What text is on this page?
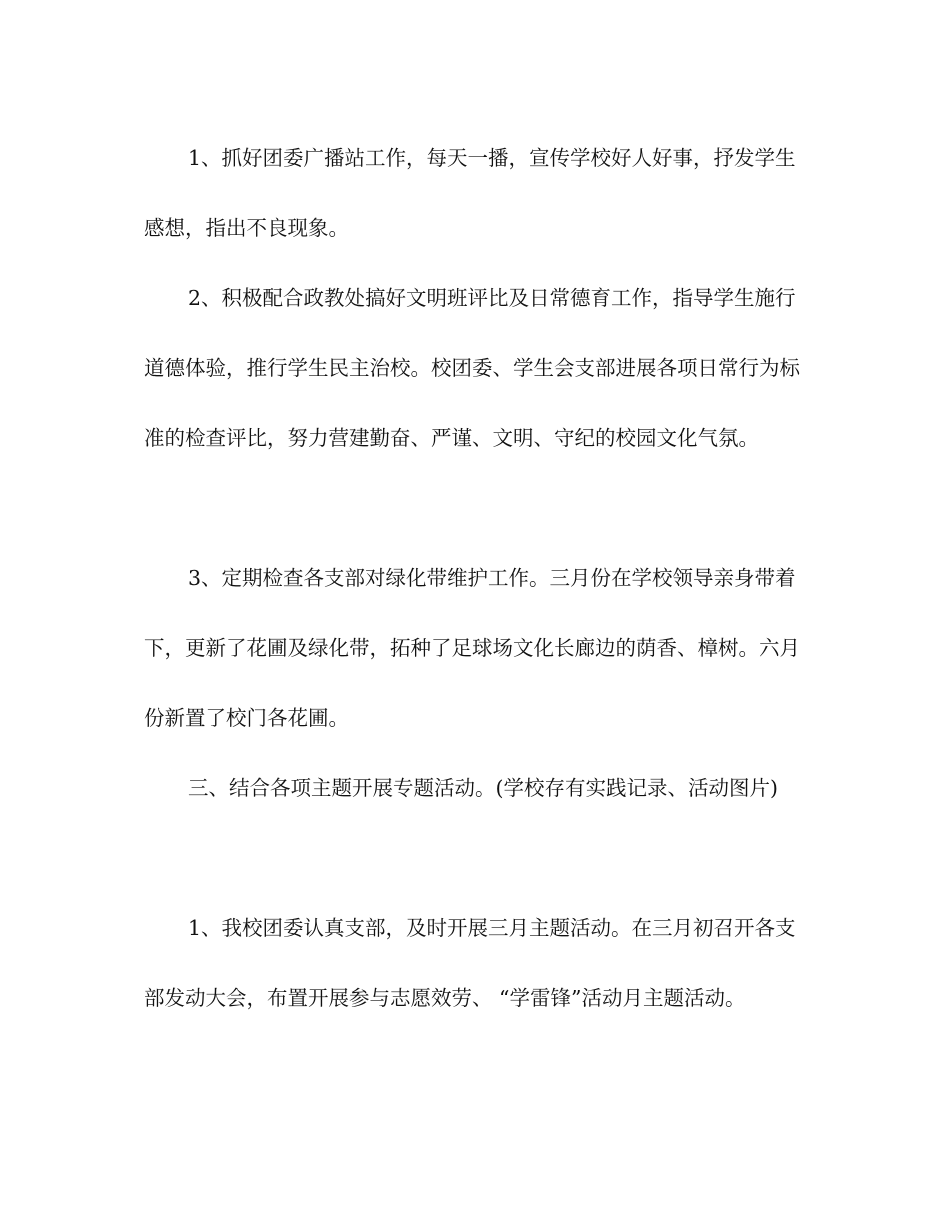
1、抓好团委广播站工作，每天一播，宣传学校好人好事，抒发学生感想，指出不良现象。

2、积极配合政教处搞好文明班评比及日常德育工作，指导学生施行道德体验，推行学生民主治校。校团委、学生会支部进展各项日常行为标准的检查评比，努力营建勤奋、严谨、文明、守纪的校园文化气氛。

3、定期检查各支部对绿化带维护工作。三月份在学校领导亲身带着下，更新了花圃及绿化带，拓种了足球场文化长廊边的荫香、樟树。六月份新置了校门各花圃。

三、结合各项主题开展专题活动。(学校存有实践记录、活动图片)

1、我校团委认真支部，及时开展三月主题活动。在三月初召开各支部发动大会，布置开展参与志愿效劳、 “学雷锋”活动月主题活动。
